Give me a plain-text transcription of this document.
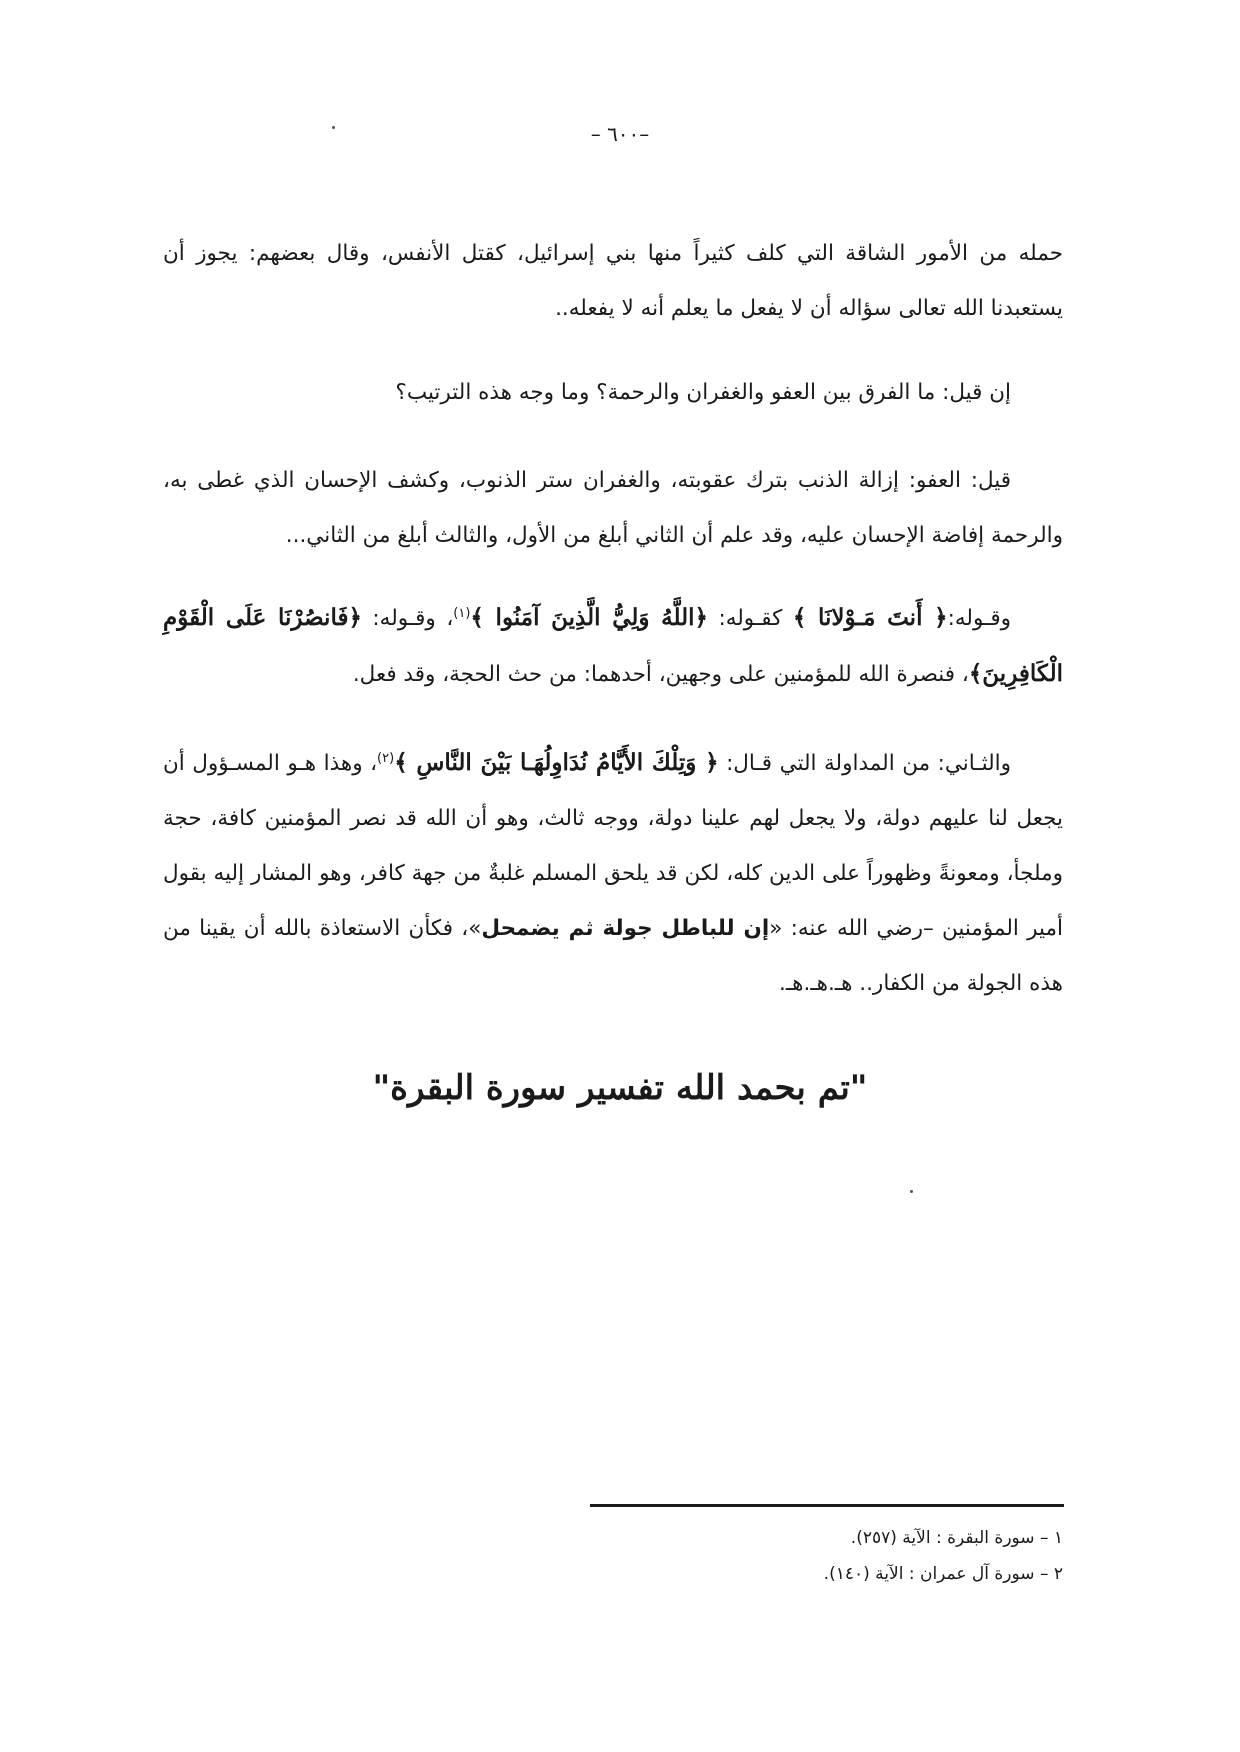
–٦٠٠ –

حمله من الأمور الشاقة التي كلف كثيراً منها بني إسرائيل، كقتل الأنفس، وقال بعضهم: يجوز أن يستعبدنا الله تعالى سؤاله أن لا يفعل ما يعلم أنه لا يفعله..

إن قيل: ما الفرق بين العفو والغفران والرحمة؟ وما وجه هذه الترتيب؟

قيل: العفو: إزالة الذنب بترك عقوبته، والغفران ستر الذنوب، وكشف الإحسان الذي غطى به، والرحمة إفاضة الإحسان عليه، وقد علم أن الثاني أبلغ من الأول، والثالث أبلغ من الثاني...

وقـوله:﴿ أَنتَ مَـوْلانَا ﴾ كقـوله: ﴿اللَّهُ وَلِيُّ الَّذِينَ آمَنُوا ﴾$^{(١)}$، وقـوله: ﴿فَانصُرْنَا عَلَى الْقَوْمِ الْكَافِرِينَ﴾، فنصرة الله للمؤمنين على وجهين، أحدهما: من حث الحجة، وقد فعل.

والثـاني: من المداولة التي قـال: ﴿ وَتِلْكَ الأَيَّامُ نُدَاوِلُهَـا بَيْنَ النَّاسِ ﴾$^{(٢)}$، وهذا هـو المسـؤول أن يجعل لنا عليهم دولة، ولا يجعل لهم علينا دولة، ووجه ثالث، وهو أن الله قد نصر المؤمنين كافة، حجة وملجأ، ومعونةً وظهوراً على الدين كله، لكن قد يلحق المسلم غلبةٌ من جهة كافر، وهو المشار إليه بقول أمير المؤمنين –رضي الله عنه: «إن للباطل جولة ثم يضمحل»، فكأن الاستعاذة بالله أن يقينا من هذه الجولة من الكفار.. هـ.هـ.هـ.

"تم بحمد الله تفسير سورة البقرة"

١ – سورة البقرة : الآية (٢٥٧).

٢ – سورة آل عمران : الآية (١٤٠).
